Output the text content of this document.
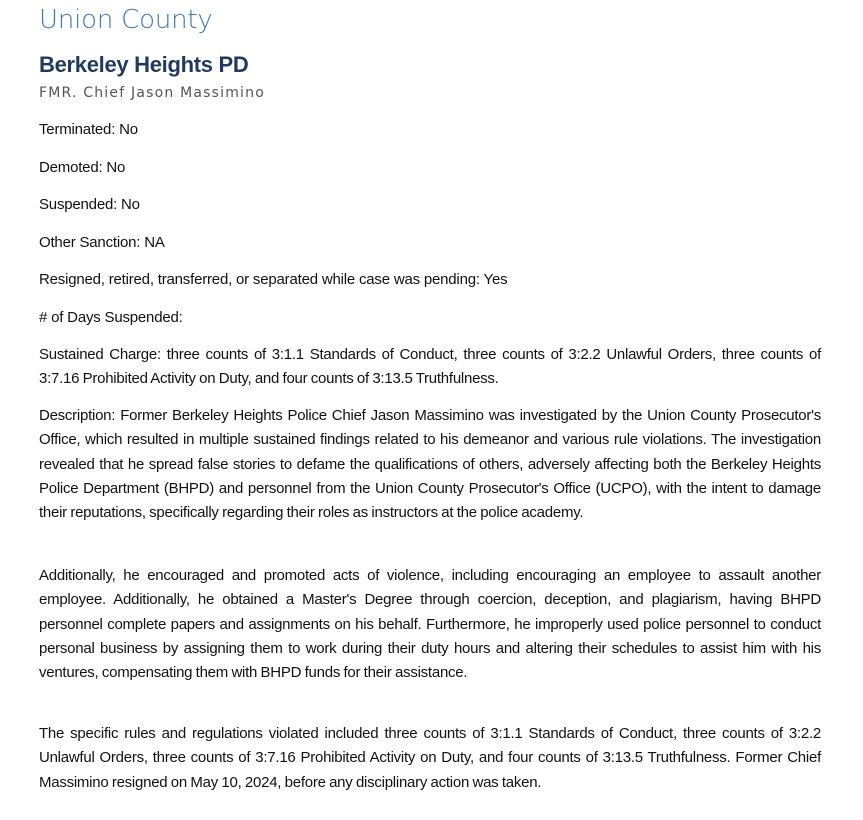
Union County
Berkeley Heights PD
FMR. Chief Jason Massimino
Terminated: No
Demoted: No
Suspended: No
Other Sanction: NA
Resigned, retired, transferred, or separated while case was pending: Yes
# of Days Suspended:

Sustained Charge: three counts of 3:1.1 Standards of Conduct, three counts of 3:2.2 Unlawful Orders, three counts of 3:7.16 Prohibited Activity on Duty, and four counts of 3:13.5 Truthfulness.

Description: Former Berkeley Heights Police Chief Jason Massimino was investigated by the Union County Prosecutor's Office, which resulted in multiple sustained findings related to his demeanor and various rule violations. The investigation revealed that he spread false stories to defame the qualifications of others, adversely affecting both the Berkeley Heights Police Department (BHPD) and personnel from the Union County Prosecutor's Office (UCPO), with the intent to damage their reputations, specifically regarding their roles as instructors at the police academy.

Additionally, he encouraged and promoted acts of violence, including encouraging an employee to assault another employee. Additionally, he obtained a Master's Degree through coercion, deception, and plagiarism, having BHPD personnel complete papers and assignments on his behalf. Furthermore, he improperly used police personnel to conduct personal business by assigning them to work during their duty hours and altering their schedules to assist him with his ventures, compensating them with BHPD funds for their assistance.

The specific rules and regulations violated included three counts of 3:1.1 Standards of Conduct, three counts of 3:2.2 Unlawful Orders, three counts of 3:7.16 Prohibited Activity on Duty, and four counts of 3:13.5 Truthfulness. Former Chief Massimino resigned on May 10, 2024, before any disciplinary action was taken.
